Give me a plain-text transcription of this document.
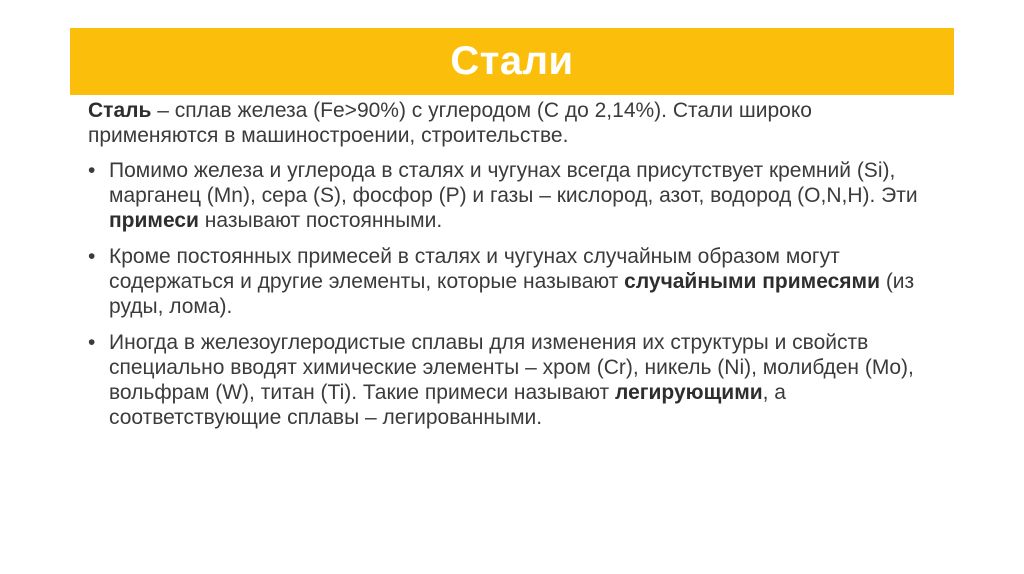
Стали

Сталь – сплав железа (Fe>90%) с углеродом (С до 2,14%). Стали широко применяются в машиностроении, строительстве.

• Помимо железа и углерода в сталях и чугунах всегда присутствует кремний (Si), марганец (Mn), сера (S), фосфор (Р) и газы – кислород, азот, водород (O,N,H). Эти примеси называют постоянными.
• Кроме постоянных примесей в сталях и чугунах случайным образом могут содержаться и другие элементы, которые называют случайными примесями (из руды, лома).
• Иногда в железоуглеродистые сплавы для изменения их структуры и свойств специально вводят химические элементы – хром (Cr), никель (Ni), молибден (Mo), вольфрам (W), титан (Ti). Такие примеси называют легирующими, а соответствующие сплавы – легированными.
